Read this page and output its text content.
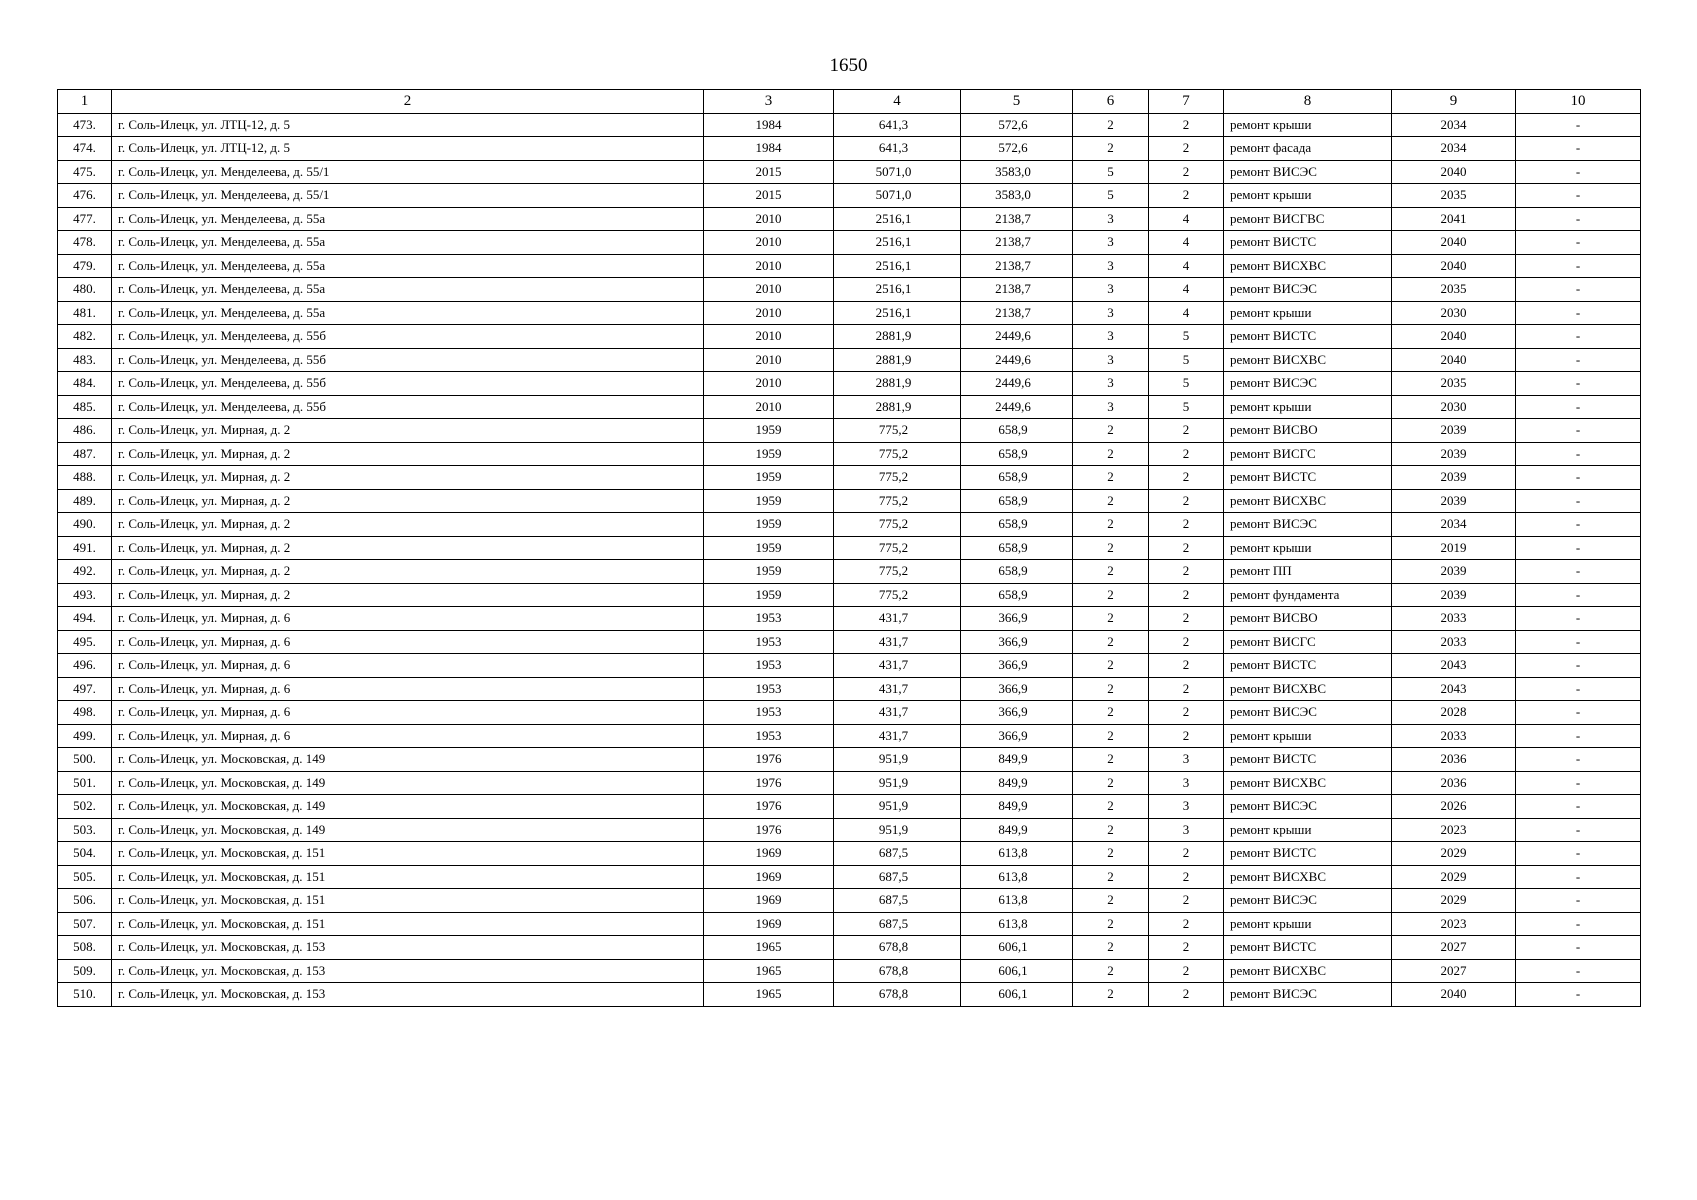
1650
1	2	3	4	5	6	7	8	9	10
473.	г. Соль-Илецк, ул. ЛТЦ-12, д. 5	1984	641,3	572,6	2	2	ремонт крыши	2034	-
474.	г. Соль-Илецк, ул. ЛТЦ-12, д. 5	1984	641,3	572,6	2	2	ремонт фасада	2034	-
475.	г. Соль-Илецк, ул. Менделеева, д. 55/1	2015	5071,0	3583,0	5	2	ремонт ВИСЭС	2040	-
476.	г. Соль-Илецк, ул. Менделеева, д. 55/1	2015	5071,0	3583,0	5	2	ремонт крыши	2035	-
477.	г. Соль-Илецк, ул. Менделеева, д. 55а	2010	2516,1	2138,7	3	4	ремонт ВИСГВС	2041	-
478.	г. Соль-Илецк, ул. Менделеева, д. 55а	2010	2516,1	2138,7	3	4	ремонт ВИСТС	2040	-
479.	г. Соль-Илецк, ул. Менделеева, д. 55а	2010	2516,1	2138,7	3	4	ремонт ВИСХВС	2040	-
480.	г. Соль-Илецк, ул. Менделеева, д. 55а	2010	2516,1	2138,7	3	4	ремонт ВИСЭС	2035	-
481.	г. Соль-Илецк, ул. Менделеева, д. 55а	2010	2516,1	2138,7	3	4	ремонт крыши	2030	-
482.	г. Соль-Илецк, ул. Менделеева, д. 55б	2010	2881,9	2449,6	3	5	ремонт ВИСТС	2040	-
483.	г. Соль-Илецк, ул. Менделеева, д. 55б	2010	2881,9	2449,6	3	5	ремонт ВИСХВС	2040	-
484.	г. Соль-Илецк, ул. Менделеева, д. 55б	2010	2881,9	2449,6	3	5	ремонт ВИСЭС	2035	-
485.	г. Соль-Илецк, ул. Менделеева, д. 55б	2010	2881,9	2449,6	3	5	ремонт крыши	2030	-
486.	г. Соль-Илецк, ул. Мирная, д. 2	1959	775,2	658,9	2	2	ремонт ВИСВО	2039	-
487.	г. Соль-Илецк, ул. Мирная, д. 2	1959	775,2	658,9	2	2	ремонт ВИСГС	2039	-
488.	г. Соль-Илецк, ул. Мирная, д. 2	1959	775,2	658,9	2	2	ремонт ВИСТС	2039	-
489.	г. Соль-Илецк, ул. Мирная, д. 2	1959	775,2	658,9	2	2	ремонт ВИСХВС	2039	-
490.	г. Соль-Илецк, ул. Мирная, д. 2	1959	775,2	658,9	2	2	ремонт ВИСЭС	2034	-
491.	г. Соль-Илецк, ул. Мирная, д. 2	1959	775,2	658,9	2	2	ремонт крыши	2019	-
492.	г. Соль-Илецк, ул. Мирная, д. 2	1959	775,2	658,9	2	2	ремонт ПП	2039	-
493.	г. Соль-Илецк, ул. Мирная, д. 2	1959	775,2	658,9	2	2	ремонт фундамента	2039	-
494.	г. Соль-Илецк, ул. Мирная, д. 6	1953	431,7	366,9	2	2	ремонт ВИСВО	2033	-
495.	г. Соль-Илецк, ул. Мирная, д. 6	1953	431,7	366,9	2	2	ремонт ВИСГС	2033	-
496.	г. Соль-Илецк, ул. Мирная, д. 6	1953	431,7	366,9	2	2	ремонт ВИСТС	2043	-
497.	г. Соль-Илецк, ул. Мирная, д. 6	1953	431,7	366,9	2	2	ремонт ВИСХВС	2043	-
498.	г. Соль-Илецк, ул. Мирная, д. 6	1953	431,7	366,9	2	2	ремонт ВИСЭС	2028	-
499.	г. Соль-Илецк, ул. Мирная, д. 6	1953	431,7	366,9	2	2	ремонт крыши	2033	-
500.	г. Соль-Илецк, ул. Московская, д. 149	1976	951,9	849,9	2	3	ремонт ВИСТС	2036	-
501.	г. Соль-Илецк, ул. Московская, д. 149	1976	951,9	849,9	2	3	ремонт ВИСХВС	2036	-
502.	г. Соль-Илецк, ул. Московская, д. 149	1976	951,9	849,9	2	3	ремонт ВИСЭС	2026	-
503.	г. Соль-Илецк, ул. Московская, д. 149	1976	951,9	849,9	2	3	ремонт крыши	2023	-
504.	г. Соль-Илецк, ул. Московская, д. 151	1969	687,5	613,8	2	2	ремонт ВИСТС	2029	-
505.	г. Соль-Илецк, ул. Московская, д. 151	1969	687,5	613,8	2	2	ремонт ВИСХВС	2029	-
506.	г. Соль-Илецк, ул. Московская, д. 151	1969	687,5	613,8	2	2	ремонт ВИСЭС	2029	-
507.	г. Соль-Илецк, ул. Московская, д. 151	1969	687,5	613,8	2	2	ремонт крыши	2023	-
508.	г. Соль-Илецк, ул. Московская, д. 153	1965	678,8	606,1	2	2	ремонт ВИСТС	2027	-
509.	г. Соль-Илецк, ул. Московская, д. 153	1965	678,8	606,1	2	2	ремонт ВИСХВС	2027	-
510.	г. Соль-Илецк, ул. Московская, д. 153	1965	678,8	606,1	2	2	ремонт ВИСЭС	2040	-
